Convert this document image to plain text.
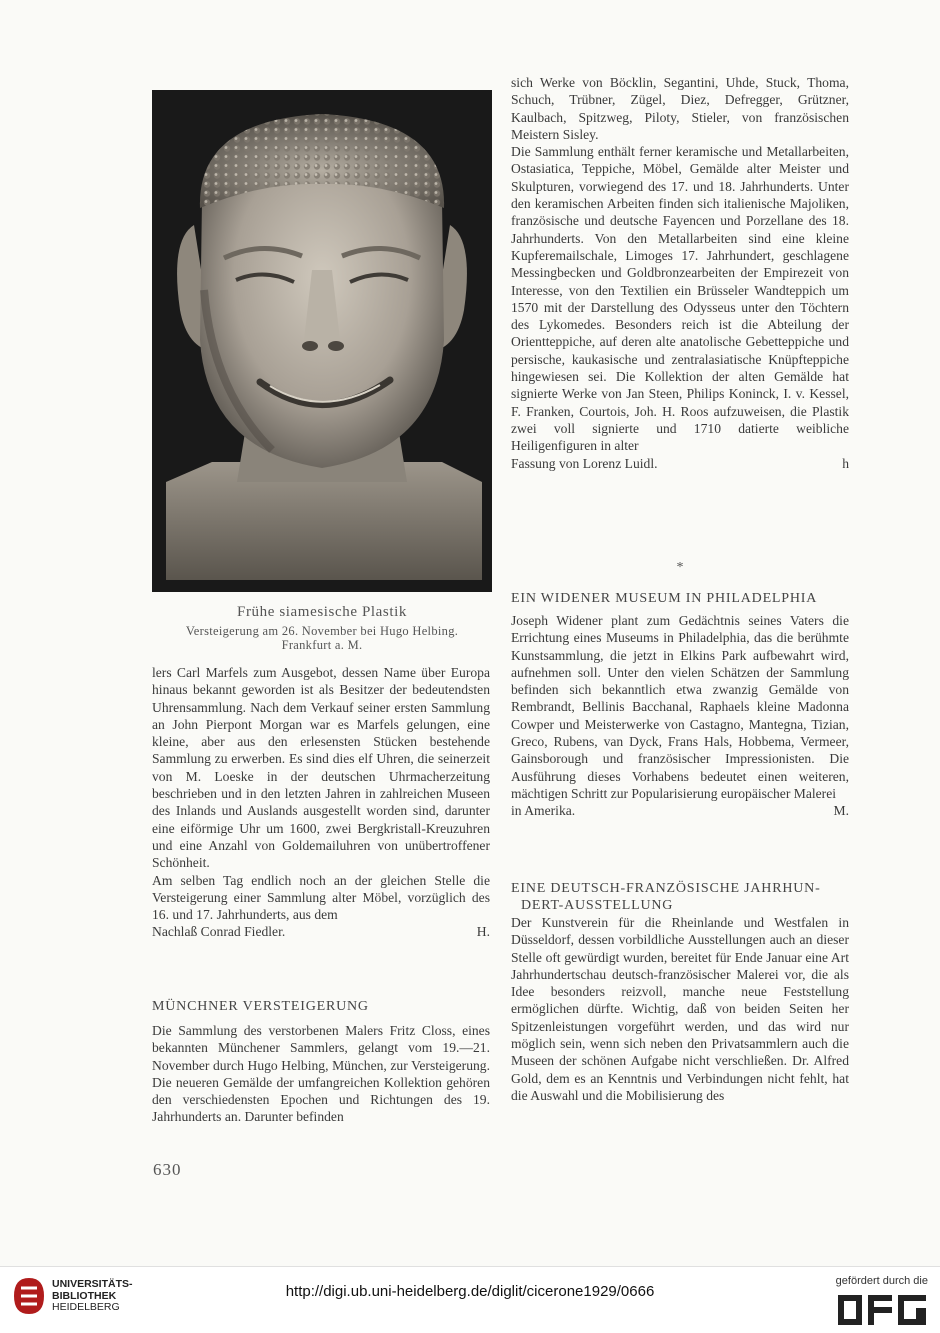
Frühe siamesische Plastik
Versteigerung am 26. November bei Hugo Helbing.
Frankfurt a. M.

lers Carl Marfels zum Ausgebot, dessen Name über Europa hinaus bekannt geworden ist als Besitzer der bedeutendsten Uhrensammlung. Nach dem Verkauf seiner ersten Sammlung an John Pierpont Morgan war es Marfels gelungen, eine kleine, aber aus den erlesensten Stücken bestehende Sammlung zu erwerben. Es sind dies elf Uhren, die seinerzeit von M. Loeske in der deutschen Uhrmacherzeitung beschrieben und in den letzten Jahren in zahlreichen Museen des Inlands und Auslands ausgestellt worden sind, darunter eine eiförmige Uhr um 1600, zwei Bergkristall-Kreuzuhren und eine Anzahl von Goldemailuhren von unübertroffener Schönheit.

Am selben Tag endlich noch an der gleichen Stelle die Versteigerung einer Sammlung alter Möbel, vorzüglich des 16. und 17. Jahrhunderts, aus dem

Nachlaß Conrad Fiedler.	H.
MÜNCHNER VERSTEIGERUNG

Die Sammlung des verstorbenen Malers Fritz Closs, eines bekannten Münchener Sammlers, gelangt vom 19.—21. November durch Hugo Helbing, München, zur Versteigerung. Die neueren Gemälde der umfangreichen Kollektion gehören den verschiedensten Epochen und Richtungen des 19. Jahrhunderts an. Darunter befinden

sich Werke von Böcklin, Segantini, Uhde, Stuck, Thoma, Schuch, Trübner, Zügel, Diez, Defregger, Grützner, Kaulbach, Spitzweg, Piloty, Stieler, von französischen Meistern Sisley.

Die Sammlung enthält ferner keramische und Metallarbeiten, Ostasiatica, Teppiche, Möbel, Gemälde alter Meister und Skulpturen, vorwiegend des 17. und 18. Jahrhunderts. Unter den keramischen Arbeiten finden sich italienische Majoliken, französische und deutsche Fayencen und Porzellane des 18. Jahrhunderts. Von den Metallarbeiten sind eine kleine Kupferemailschale, Limoges 17. Jahrhundert, geschlagene Messingbecken und Goldbronzearbeiten der Empirezeit von Interesse, von den Textilien ein Brüsseler Wandteppich um 1570 mit der Darstellung des Odysseus unter den Töchtern des Lykomedes. Besonders reich ist die Abteilung der Orientteppiche, auf deren alte anatolische Gebetteppiche und persische, kaukasische und zentralasiatische Knüpfteppiche hingewiesen sei. Die Kollektion der alten Gemälde hat signierte Werke von Jan Steen, Philips Koninck, I. v. Kessel, F. Franken, Courtois, Joh. H. Roos aufzuweisen, die Plastik zwei voll signierte und 1710 datierte weibliche Heiligenfiguren in alter

Fassung von Lorenz Luidl.	h
*
EIN WIDENER MUSEUM IN PHILADELPHIA

Joseph Widener plant zum Gedächtnis seines Vaters die Errichtung eines Museums in Philadelphia, das die berühmte Kunstsammlung, die jetzt in Elkins Park aufbewahrt wird, aufnehmen soll. Unter den vielen Schätzen der Sammlung befinden sich bekanntlich etwa zwanzig Gemälde von Rembrandt, Bellinis Bacchanal, Raphaels kleine Madonna Cowper und Meisterwerke von Castagno, Mantegna, Tizian, Greco, Rubens, van Dyck, Frans Hals, Hobbema, Vermeer, Gainsborough und französischer Impressionisten. Die Ausführung dieses Vorhabens bedeutet einen weiteren, mächtigen Schritt zur Popularisierung europäischer Malerei

in Amerika.	M.
EINE DEUTSCH-FRANZÖSISCHE JAHRHUN-
DERT-AUSSTELLUNG

Der Kunstverein für die Rheinlande und Westfalen in Düsseldorf, dessen vorbildliche Ausstellungen auch an dieser Stelle oft gewürdigt wurden, bereitet für Ende Januar eine Art Jahrhundertschau deutsch-französischer Malerei vor, die als Idee besonders reizvoll, manche neue Feststellung ermöglichen dürfte. Wichtig, daß von beiden Seiten her Spitzenleistungen vorgeführt werden, und das wird nur möglich sein, wenn sich neben den Privatsammlern auch die Museen der schönen Aufgabe nicht verschließen. Dr. Alfred Gold, dem es an Kenntnis und Verbindungen nicht fehlt, hat die Auswahl und die Mobilisierung des

630
UNIVERSITÄTS-
BIBLIOTHEK
HEIDELBERG
http://digi.ub.uni-heidelberg.de/diglit/cicerone1929/0666
gefördert durch die
